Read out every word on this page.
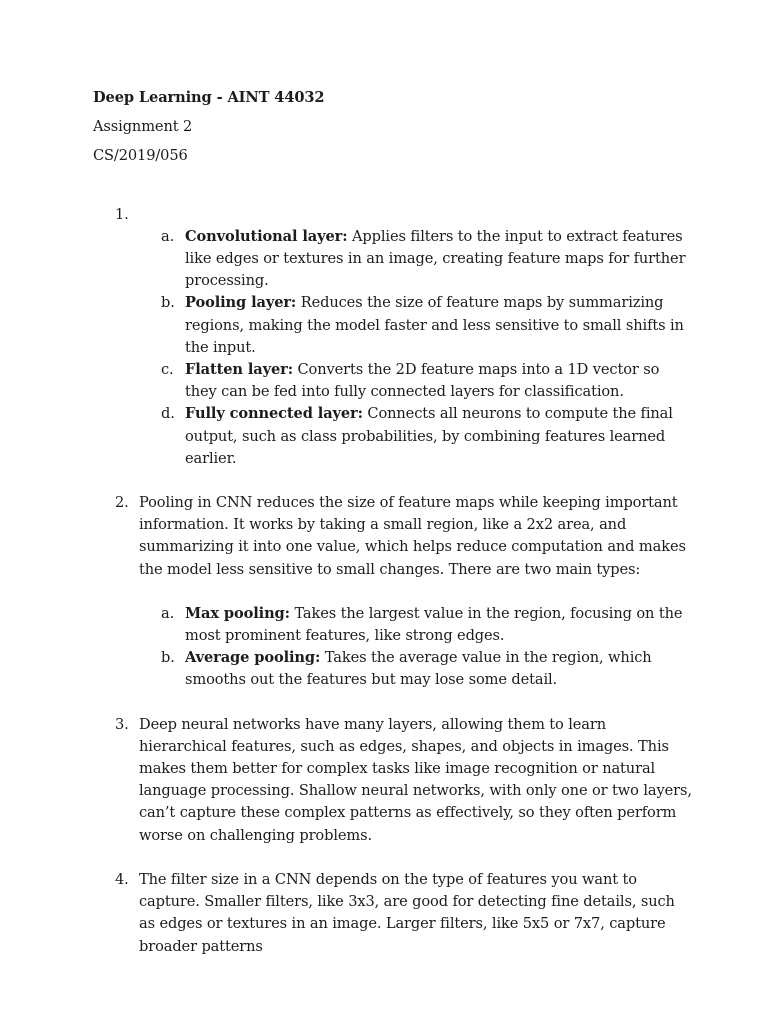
Deep Learning - AINT 44032

Assignment 2

CS/2019/056

1.

a. Convolutional layer: Applies filters to the input to extract features like edges or textures in an image, creating feature maps for further processing.
b. Pooling layer: Reduces the size of feature maps by summarizing regions, making the model faster and less sensitive to small shifts in the input.
c. Flatten layer: Converts the 2D feature maps into a 1D vector so they can be fed into fully connected layers for classification.
d. Fully connected layer: Connects all neurons to compute the final output, such as class probabilities, by combining features learned earlier.
2. Pooling in CNN reduces the size of feature maps while keeping important information. It works by taking a small region, like a 2x2 area, and summarizing it into one value, which helps reduce computation and makes the model less sensitive to small changes. There are two main types:
a. Max pooling: Takes the largest value in the region, focusing on the most prominent features, like strong edges.
b. Average pooling: Takes the average value in the region, which smooths out the features but may lose some detail.
3. Deep neural networks have many layers, allowing them to learn hierarchical features, such as edges, shapes, and objects in images. This makes them better for complex tasks like image recognition or natural language processing. Shallow neural networks, with only one or two layers, can’t capture these complex patterns as effectively, so they often perform worse on challenging problems.
4. The filter size in a CNN depends on the type of features you want to capture. Smaller filters, like 3x3, are good for detecting fine details, such as edges or textures in an image. Larger filters, like 5x5 or 7x7, capture broader patterns
